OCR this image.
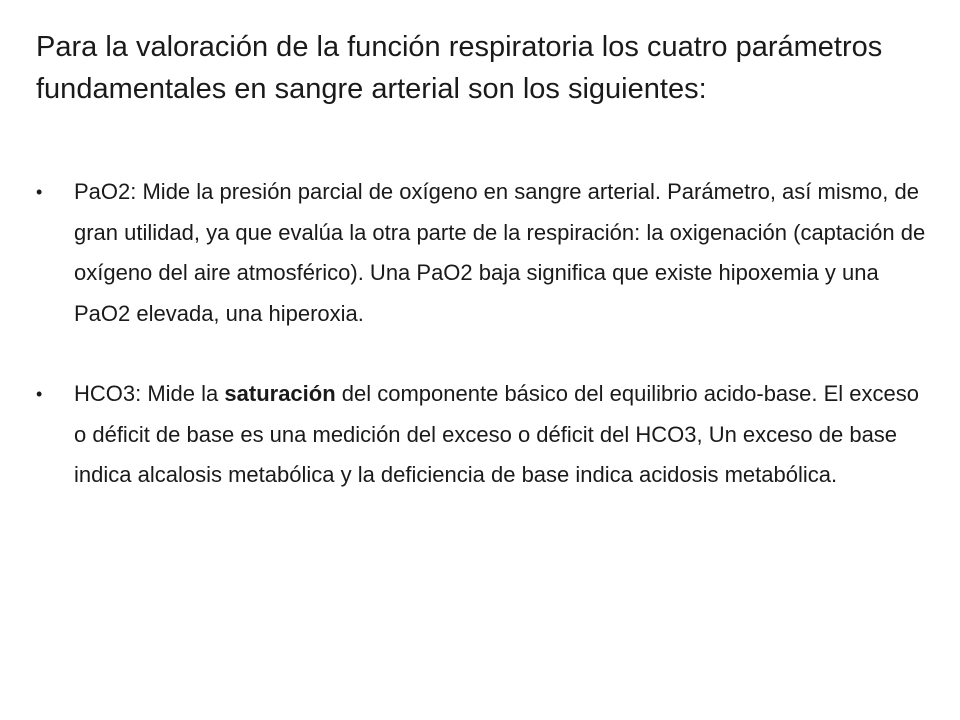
Para la valoración de la función respiratoria los cuatro parámetros fundamentales en sangre arterial son los siguientes:
•	PaO2: Mide la presión parcial de oxígeno en sangre arterial. Parámetro, así mismo, de gran utilidad, ya que evalúa la otra parte de la respiración: la oxigenación (captación de oxígeno del aire atmosférico). Una PaO2 baja significa que existe hipoxemia y una PaO2 elevada, una hiperoxia.
•	HCO3: Mide la saturación del componente básico del equilibrio acido-base. El exceso o déficit de base es una medición del exceso o déficit del HCO3, Un exceso de base indica alcalosis metabólica y la deficiencia de base indica acidosis metabólica.
